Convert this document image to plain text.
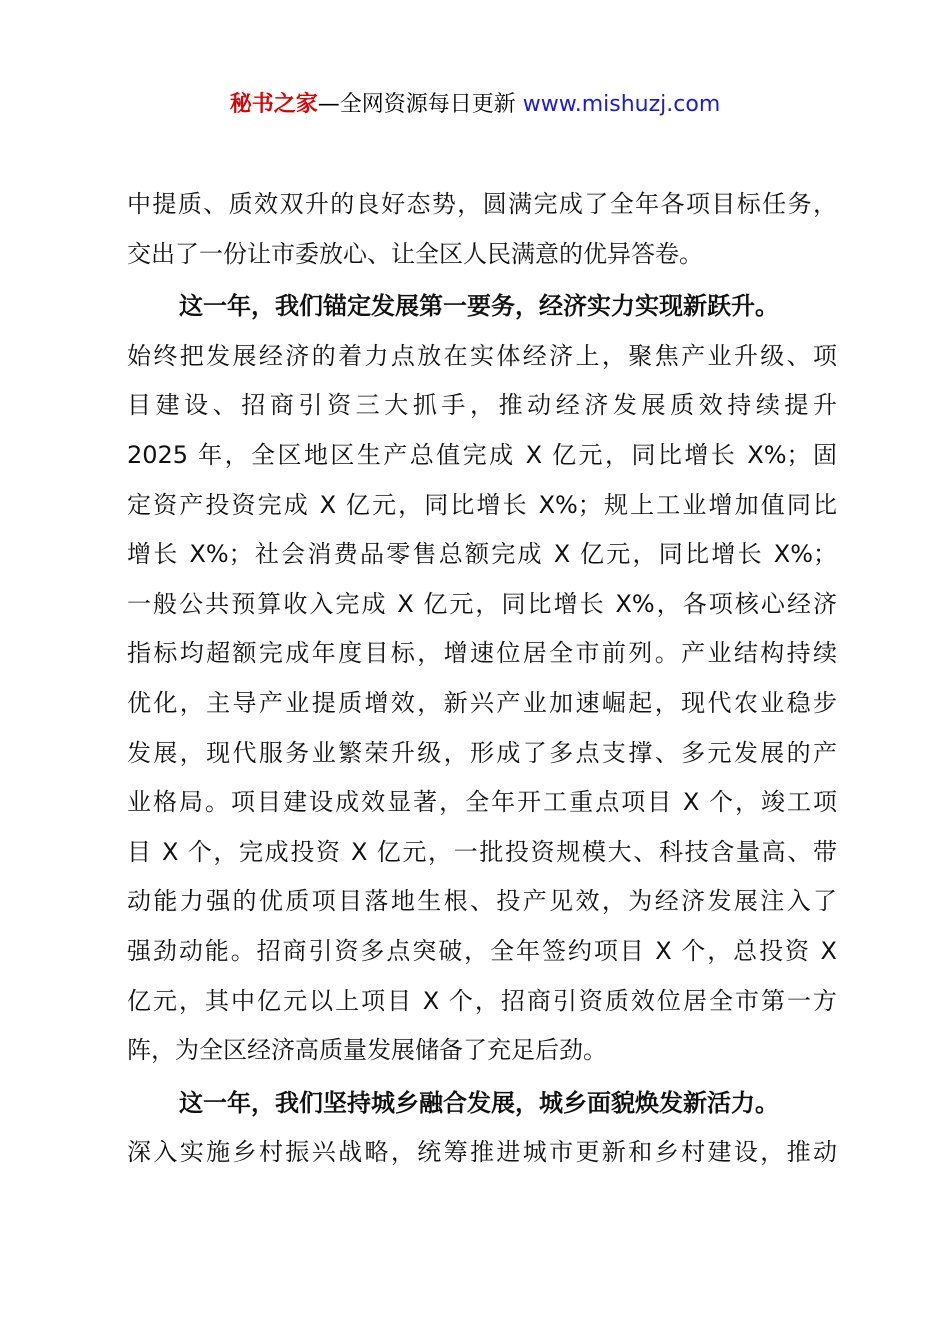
秘书之家—全网资源每日更新 www.mishuzj.com
中提质、质效双升的良好态势，圆满完成了全年各项目标任务，
交出了一份让市委放心、让全区人民满意的优异答卷。
这一年，我们锚定发展第一要务，经济实力实现新跃升。
始终把发展经济的着力点放在实体经济上，聚焦产业升级、项
目建设、招商引资三大抓手，推动经济发展质效持续提升
2025 年，全区地区生产总值完成 X 亿元，同比增长 X%；固
定资产投资完成 X 亿元，同比增长 X%；规上工业增加值同比
增长 X%；社会消费品零售总额完成 X 亿元，同比增长 X%；
一般公共预算收入完成 X 亿元，同比增长 X%，各项核心经济
指标均超额完成年度目标，增速位居全市前列。产业结构持续
优化，主导产业提质增效，新兴产业加速崛起，现代农业稳步
发展，现代服务业繁荣升级，形成了多点支撑、多元发展的产
业格局。项目建设成效显著，全年开工重点项目 X 个，竣工项
目 X 个，完成投资 X 亿元，一批投资规模大、科技含量高、带
动能力强的优质项目落地生根、投产见效，为经济发展注入了
强劲动能。招商引资多点突破，全年签约项目 X 个，总投资 X
亿元，其中亿元以上项目 X 个，招商引资质效位居全市第一方
阵，为全区经济高质量发展储备了充足后劲。
这一年，我们坚持城乡融合发展，城乡面貌焕发新活力。
深入实施乡村振兴战略，统筹推进城市更新和乡村建设，推动
